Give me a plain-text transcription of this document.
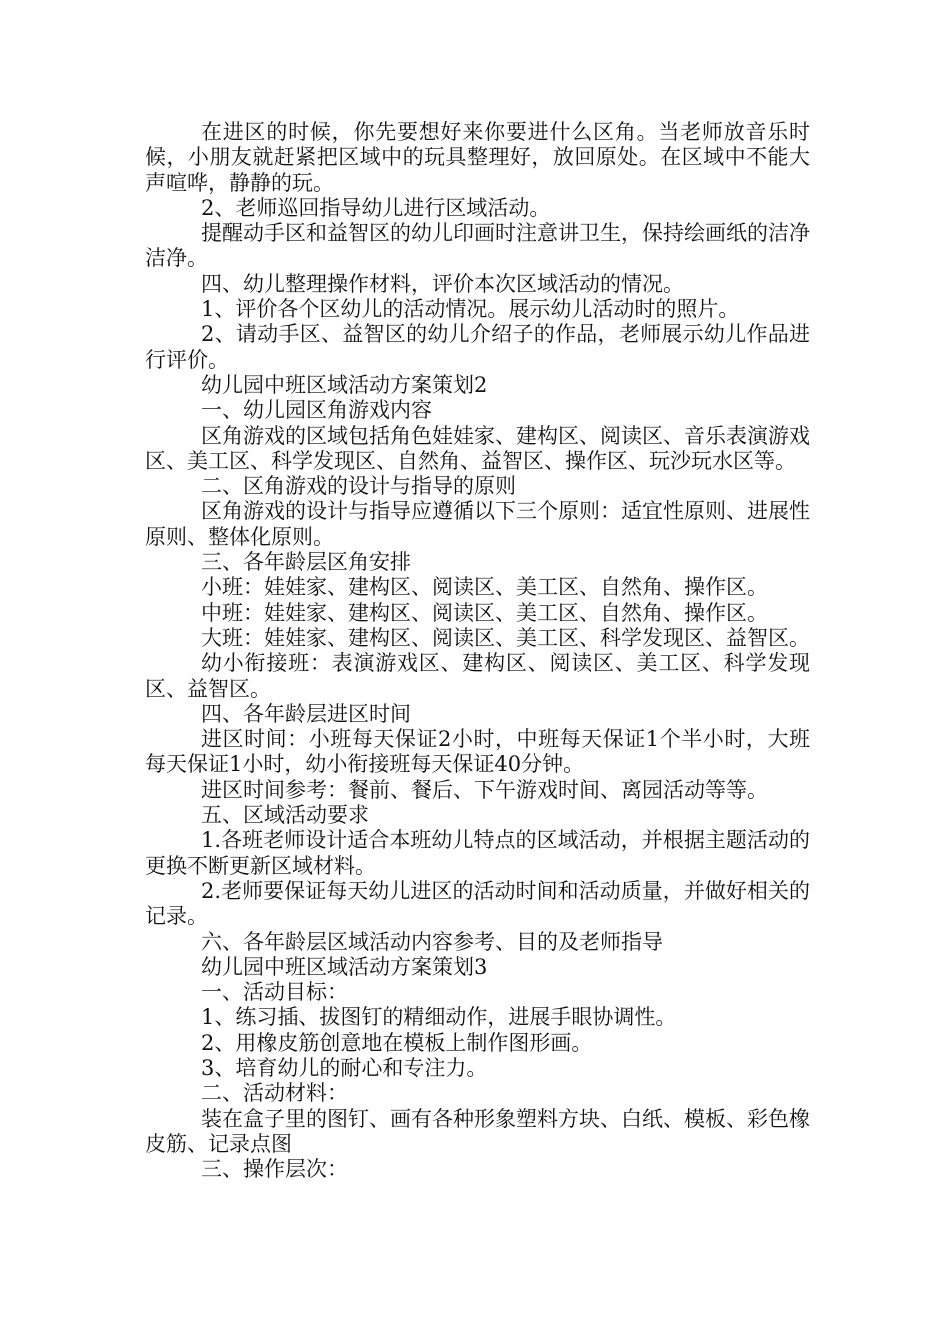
在进区的时候，你先要想好来你要进什么区角。当老师放音乐时候，小朋友就赶紧把区域中的玩具整理好，放回原处。在区域中不能大声喧哗，静静的玩。

2、老师巡回指导幼儿进行区域活动。

提醒动手区和益智区的幼儿印画时注意讲卫生，保持绘画纸的洁净洁净。

四、幼儿整理操作材料，评价本次区域活动的情况。

1、评价各个区幼儿的活动情况。展示幼儿活动时的照片。

2、请动手区、益智区的幼儿介绍子的作品，老师展示幼儿作品进行评价。

幼儿园中班区域活动方案策划2

一、幼儿园区角游戏内容

区角游戏的区域包括角色娃娃家、建构区、阅读区、音乐表演游戏区、美工区、科学发现区、自然角、益智区、操作区、玩沙玩水区等。

二、区角游戏的设计与指导的原则

区角游戏的设计与指导应遵循以下三个原则：适宜性原则、进展性原则、整体化原则。

三、各年龄层区角安排

小班：娃娃家、建构区、阅读区、美工区、自然角、操作区。

中班：娃娃家、建构区、阅读区、美工区、自然角、操作区。

大班：娃娃家、建构区、阅读区、美工区、科学发现区、益智区。

幼小衔接班：表演游戏区、建构区、阅读区、美工区、科学发现区、益智区。

四、各年龄层进区时间

进区时间：小班每天保证2小时，中班每天保证1个半小时，大班每天保证1小时，幼小衔接班每天保证40分钟。

进区时间参考：餐前、餐后、下午游戏时间、离园活动等等。

五、区域活动要求

1.各班老师设计适合本班幼儿特点的区域活动，并根据主题活动的更换不断更新区域材料。

2.老师要保证每天幼儿进区的活动时间和活动质量，并做好相关的记录。

六、各年龄层区域活动内容参考、目的及老师指导

幼儿园中班区域活动方案策划3

一、活动目标：

1、练习插、拔图钉的精细动作，进展手眼协调性。

2、用橡皮筋创意地在模板上制作图形画。

3、培育幼儿的耐心和专注力。

二、活动材料：

装在盒子里的图钉、画有各种形象塑料方块、白纸、模板、彩色橡皮筋、记录点图

三、操作层次：
